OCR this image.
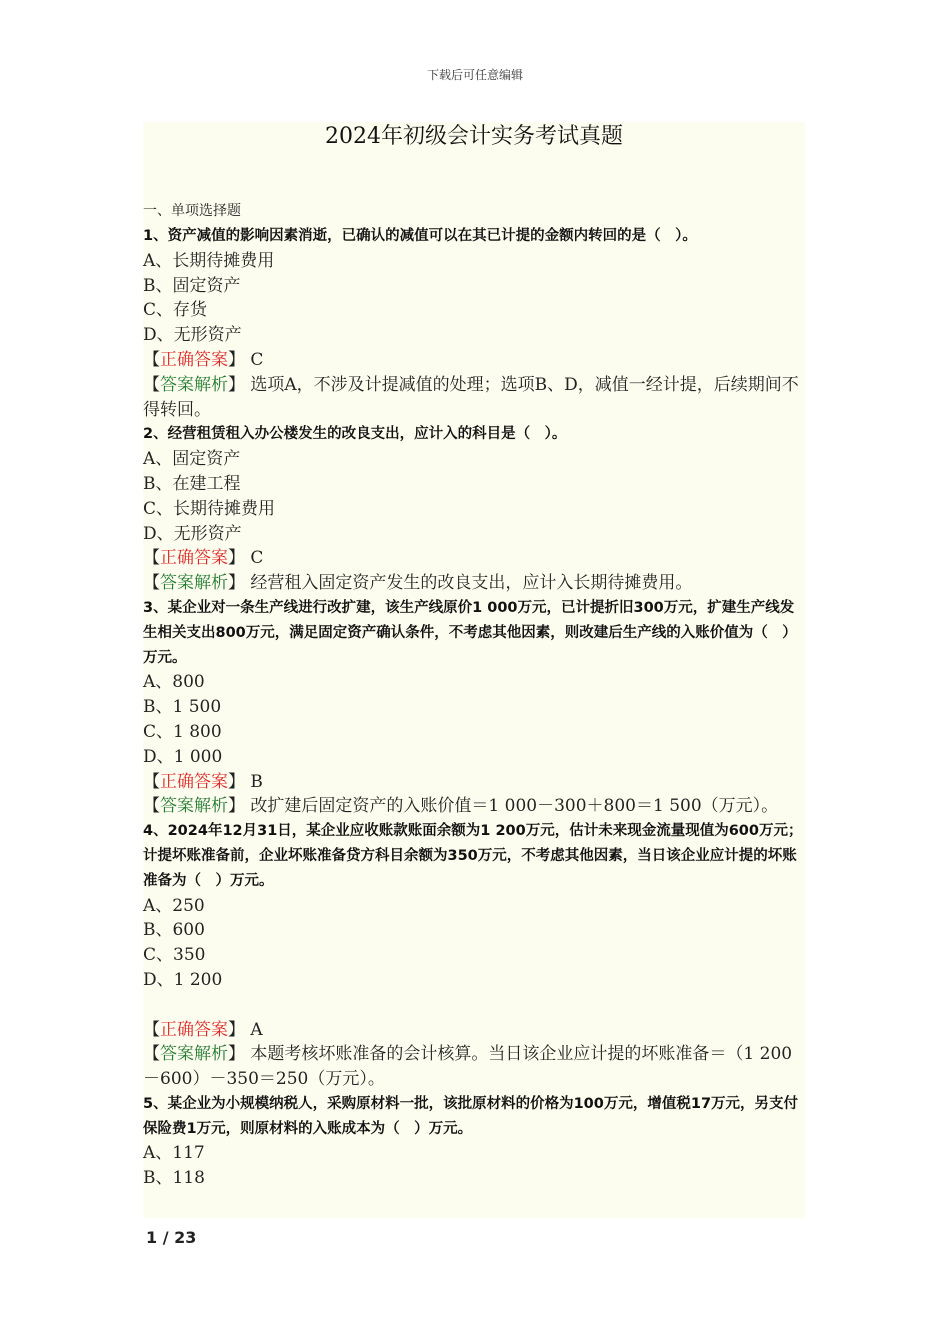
下载后可任意编辑
2024年初级会计实务考试真题
一、单项选择题

1、资产减值的影响因素消逝，已确认的减值可以在其已计提的金额内转回的是（　）。

A、长期待摊费用

B、固定资产

C、存货

D、无形资产

【正确答案】 C

【答案解析】 选项A，不涉及计提减值的处理；选项B、D，减值一经计提，后续期间不得转回。

2、经营租赁租入办公楼发生的改良支出，应计入的科目是（　）。

A、固定资产

B、在建工程

C、长期待摊费用

D、无形资产

【正确答案】 C

【答案解析】 经营租入固定资产发生的改良支出，应计入长期待摊费用。

3、某企业对一条生产线进行改扩建，该生产线原价1 000万元，已计提折旧300万元，扩建生产线发生相关支出800万元，满足固定资产确认条件，不考虑其他因素，则改建后生产线的入账价值为（　）万元。

A、800

B、1 500

C、1 800

D、1 000

【正确答案】 B

【答案解析】 改扩建后固定资产的入账价值＝1 000－300＋800＝1 500（万元）。

4、2024年12月31日，某企业应收账款账面余额为1 200万元，估计未来现金流量现值为600万元；计提坏账准备前，企业坏账准备贷方科目余额为350万元，不考虑其他因素，当日该企业应计提的坏账准备为（　）万元。

A、250

B、600

C、350

D、1 200

【正确答案】 A

【答案解析】 本题考核坏账准备的会计核算。当日该企业应计提的坏账准备＝（1 200－600）－350＝250（万元）。

5、某企业为小规模纳税人，采购原材料一批，该批原材料的价格为100万元，增值税17万元，另支付保险费1万元，则原材料的入账成本为（　）万元。

A、117

B、118

1 / 23
